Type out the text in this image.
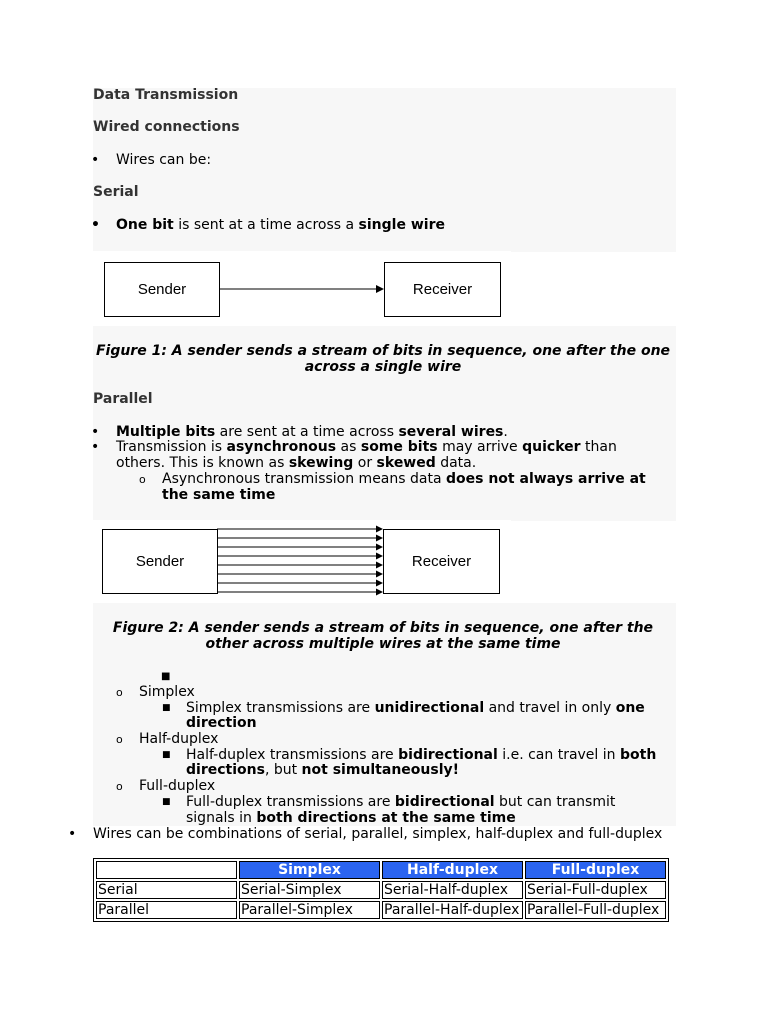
Data Transmission
Wired connections
• Wires can be:
Serial
• One bit is sent at a time across a single wire
Sender	Receiver
Figure 1: A sender sends a stream of bits in sequence, one after the one across a single wire
Parallel
• Multiple bits are sent at a time across several wires.
• Transmission is asynchronous as some bits may arrive quicker than
others. This is known as skewing or skewed data.
o Asynchronous transmission means data does not always arrive at
the same time
Sender	Receiver
Figure 2: A sender sends a stream of bits in sequence, one after the other across multiple wires at the same time
■
o Simplex
■ Simplex transmissions are unidirectional and travel in only one
direction
o Half-duplex
■ Half-duplex transmissions are bidirectional i.e. can travel in both
directions, but not simultaneously!
o Full-duplex
■ Full-duplex transmissions are bidirectional but can transmit
signals in both directions at the same time
• Wires can be combinations of serial, parallel, simplex, half-duplex and full-duplex
	Simplex	Half-duplex	Full-duplex
Serial	Serial-Simplex	Serial-Half-duplex	Serial-Full-duplex
Parallel	Parallel-Simplex	Parallel-Half-duplex	Parallel-Full-duplex
